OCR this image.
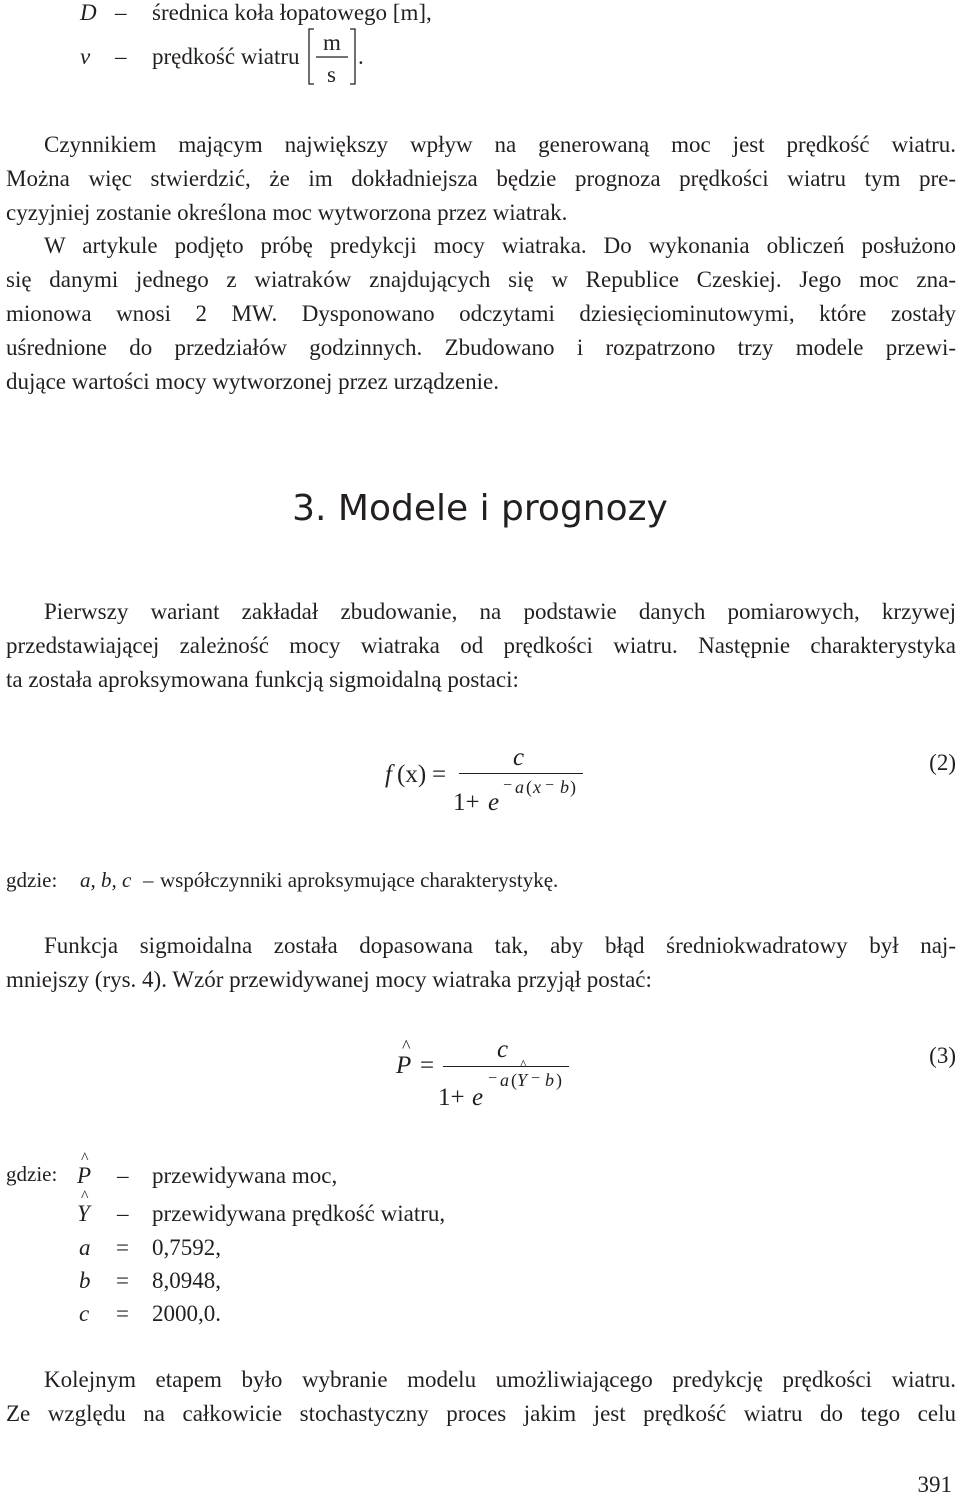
D – średnica koła łopatowego [m],
v – prędkość wiatru
m
s
.
Czynnikiem mającym największy wpływ na generowaną moc jest prędkość wiatru.
Można więc stwierdzić, że im dokładniejsza będzie prognoza prędkości wiatru tym pre-
cyzyjniej zostanie określona moc wytworzona przez wiatrak.
W artykule podjęto próbę predykcji mocy wiatraka. Do wykonania obliczeń posłużono
się danymi jednego z wiatraków znajdujących się w Republice Czeskiej. Jego moc zna-
mionowa wnosi 2 MW. Dysponowano odczytami dziesięciominutowymi, które zostały
uśrednione do przedziałów godzinnych. Zbudowano i rozpatrzono trzy modele przewi-
dujące wartości mocy wytworzonej przez urządzenie.
3. Modele i prognozy
Pierwszy wariant zakładał zbudowanie, na podstawie danych pomiarowych, krzywej
przedstawiającej zależność mocy wiatraka od prędkości wiatru. Następnie charakterystyka
ta została aproksymowana funkcją sigmoidalną postaci:
f (x) =
c
1+ e
− a ( x − b )
(2)
gdzie: a, b, c – współczynniki aproksymujące charakterystykę.
Funkcja sigmoidalna została dopasowana tak, aby błąd średniokwadratowy był naj-
mniejszy (rys. 4). Wzór przewidywanej mocy wiatraka przyjął postać:
^
P =
c
1+ e
− a (
^
Y − b )
(3)
gdzie:
^
P – przewidywana moc,
^
Y – przewidywana prędkość wiatru,
a = 0,7592,
b = 8,0948,
c = 2000,0.
Kolejnym etapem było wybranie modelu umożliwiającego predykcję prędkości wiatru.
Ze względu na całkowicie stochastyczny proces jakim jest prędkość wiatru do tego celu
391
